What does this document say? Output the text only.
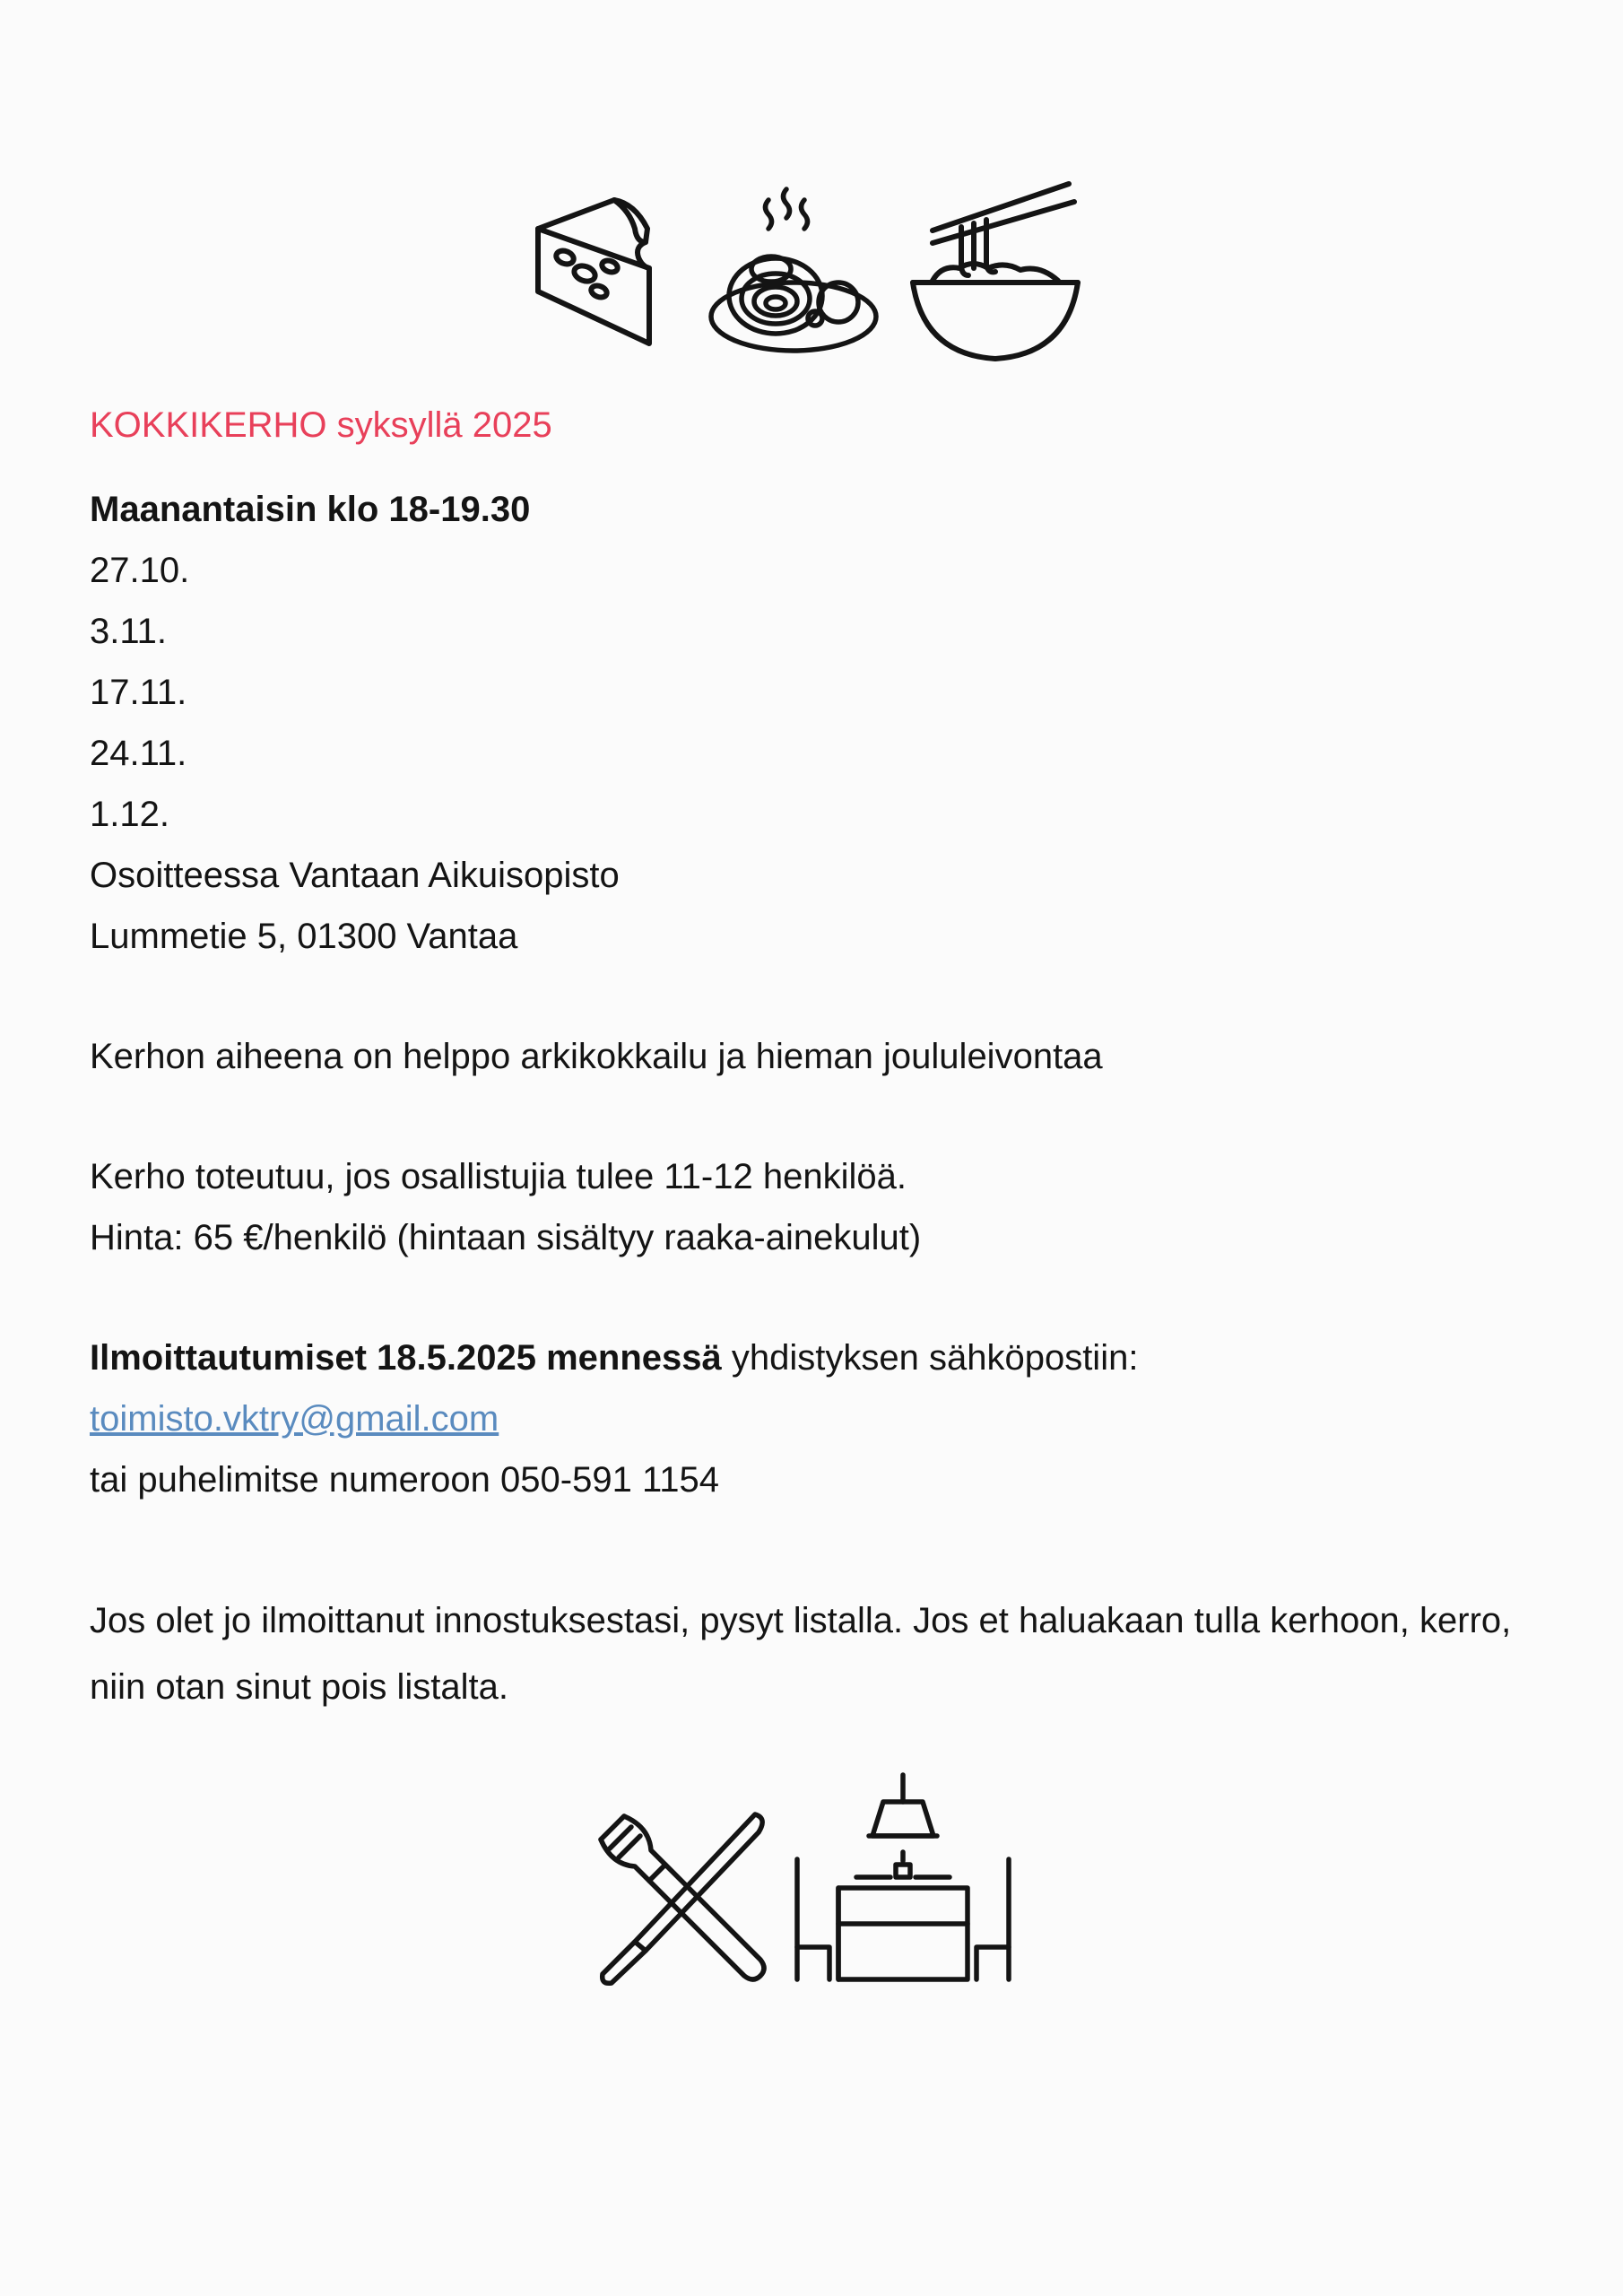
KOKKIKERHO syksyllä 2025
Maanantaisin klo 18-19.30
27.10.
3.11.
17.11.
24.11.
1.12.
Osoitteessa Vantaan Aikuisopisto
Lummetie 5, 01300 Vantaa
Kerhon aiheena on helppo arkikokkailu ja hieman joululeivontaa
Kerho toteutuu, jos osallistujia tulee 11-12 henkilöä.
Hinta: 65 €/henkilö (hintaan sisältyy raaka-ainekulut)
Ilmoittautumiset 18.5.2025 mennessä yhdistyksen sähköpostiin:
toimisto.vktry@gmail.com
tai puhelimitse numeroon 050-591 1154
Jos olet jo ilmoittanut innostuksestasi, pysyt listalla. Jos et haluakaan tulla kerhoon, kerro, niin otan sinut pois listalta.
